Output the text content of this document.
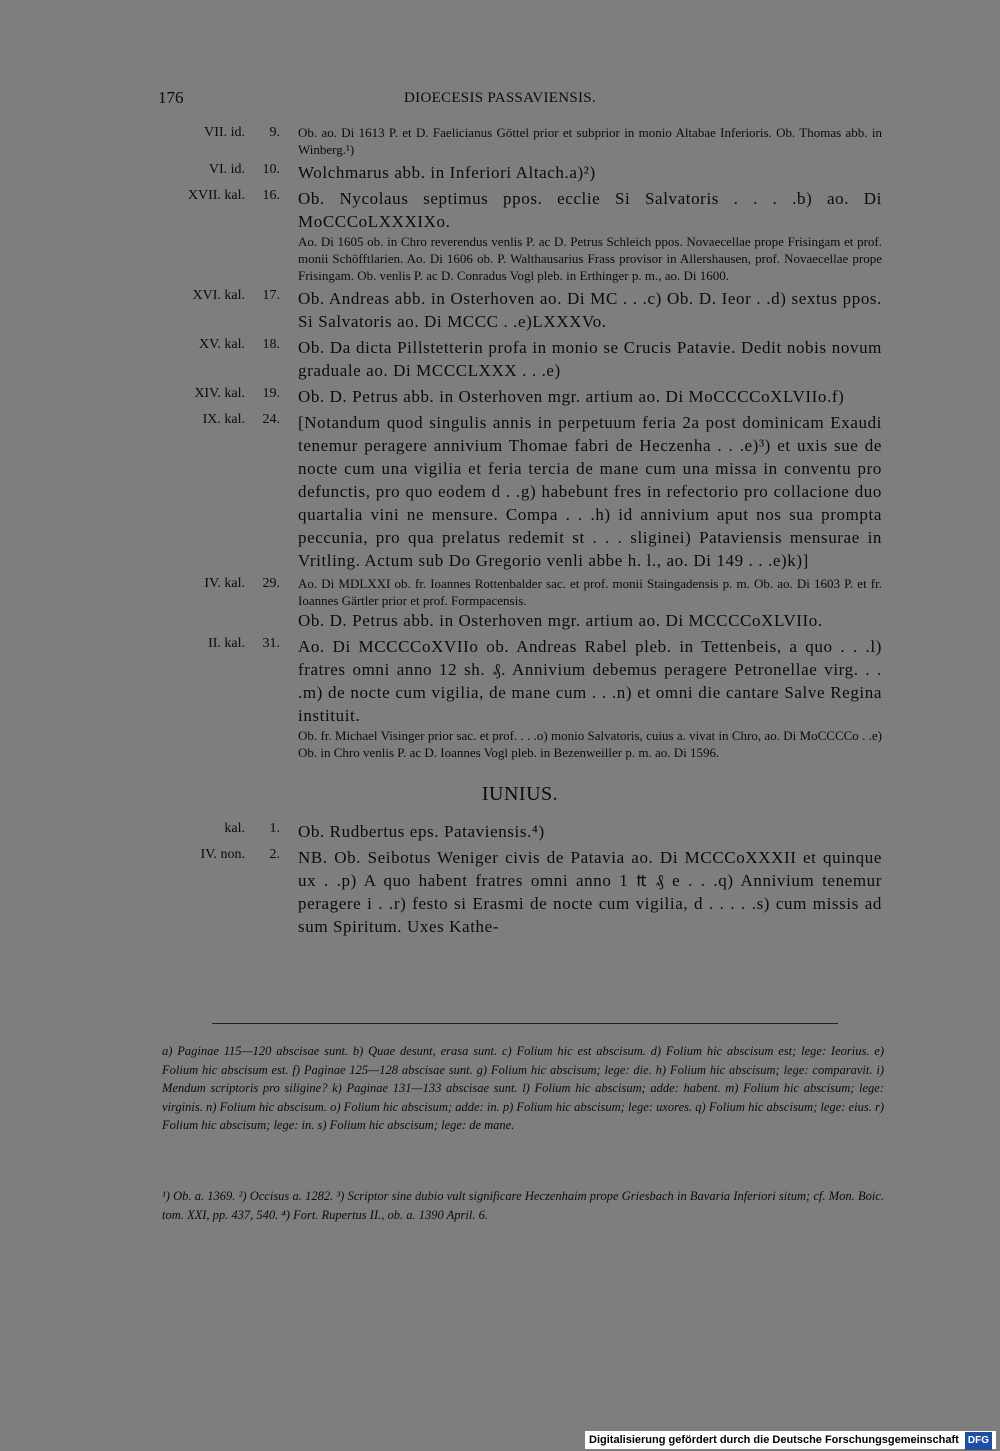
176	DIOECESIS PASSAVIENSIS.
VII. id.	9. Ob. ao. Di 1613 P. et D. Faelicianus Göttel prior et subprior in monio Altabae Inferioris. Ob. Thomas abb. in Winberg.¹)

VI. id.	10. Wolchmarus abb. in Inferiori Altach.a)²)

XVII. kal.	16. Ob. Nycolaus septimus ppos. ecclie Si Salvatoris . . . .b) ao. Di MoCCCoLXXXIXo.

Ao. Di 1605 ob. in Chro reverendus venlis P. ac D. Petrus Schleich ppos. Novaecellae prope Frisingam et prof. monii Schöfftlarien. Ao. Di 1606 ob. P. Walthausarius Frass provisor in Allershausen, prof. Novaecellae prope Frisingam. Ob. venlis P. ac D. Conradus Vogl pleb. in Erthinger p. m., ao. Di 1600.

XVI. kal.	17. Ob. Andreas abb. in Osterhoven ao. Di MC . . .c) Ob. D. Ieor . .d) sextus ppos. Si Salvatoris ao. Di MCCC . .e)LXXXVo.

XV. kal.	18. Ob. Da dicta Pillstetterin profa in monio se Crucis Patavie. Dedit nobis novum graduale ao. Di MCCCLXXX . . .e)

XIV. kal.	19. Ob. D. Petrus abb. in Osterhoven mgr. artium ao. Di MoCCCCoXLVIIo.f)

IX. kal.	24. [Notandum quod singulis annis in perpetuum feria 2a post dominicam Exaudi tenemur peragere annivium Thomae fabri de Heczenha . . .e)³) et uxis sue de nocte cum una vigilia et feria tercia de mane cum una missa in conventu pro defunctis, pro quo eodem d . .g) habebunt fres in refectorio pro collacione duo quartalia vini ne mensure. Compa . . .h) id annivium aput nos sua prompta peccunia, pro qua prelatus redemit st . . . sliginei) Pataviensis mensurae in Vritling. Actum sub Do Gregorio venli abbe h. l., ao. Di 149 . . .e)k)]

IV. kal.	29. Ao. Di MDLXXI ob. fr. Ioannes Rottenbalder sac. et prof. monii Staingadensis p. m. Ob. ao. Di 1603 P. et fr. Ioannes Gärtler prior et prof. Formpacensis.

Ob. D. Petrus abb. in Osterhoven mgr. artium ao. Di MCCCCoXLVIIo.

II. kal.	31. Ao. Di MCCCCoXVIIo ob. Andreas Rabel pleb. in Tettenbeis, a quo . . .l) fratres omni anno 12 sh. ₰. Annivium debemus peragere Petronellae virg. . . .m) de nocte cum vigilia, de mane cum . . .n) et omni die cantare Salve Regina instituit.

Ob. fr. Michael Visinger prior sac. et prof. . . .o) monio Salvatoris, cuius a. vivat in Chro, ao. Di MoCCCCo . .e) Ob. in Chro venlis P. ac D. Ioannes Vogl pleb. in Bezenweiller p. m. ao. Di 1596.

IUNIUS.
kal.	1. Ob. Rudbertus eps. Pataviensis.⁴)

IV. non.	2. NB. Ob. Seibotus Weniger civis de Patavia ao. Di MCCCoXXXII et quinque ux . .p) A quo habent fratres omni anno 1 ₶ ₰ e . . .q) Annivium tenemur peragere i . .r) festo si Erasmi de nocte cum vigilia, d . . . . .s) cum missis ad sum Spiritum. Uxes Kathe-

a) Paginae 115—120 abscisae sunt. b) Quae desunt, erasa sunt. c) Folium hic est abscisum. d) Folium hic abscisum est; lege: Ieorius. e) Folium hic abscisum est. f) Paginae 125—128 abscisae sunt. g) Folium hic abscisum; lege: die. h) Folium hic abscisum; lege: comparavit. i) Mendum scriptoris pro siligine? k) Paginae 131—133 abscisae sunt. l) Folium hic abscisum; adde: habent. m) Folium hic abscisum; lege: virginis. n) Folium hic abscisum. o) Folium hic abscisum; adde: in. p) Folium hic abscisum; lege: uxores. q) Folium hic abscisum; lege: eius. r) Folium hic abscisum; lege: in. s) Folium hic abscisum; lege: de mane.

¹) Ob. a. 1369. ²) Occisus a. 1282. ³) Scriptor sine dubio vult significare Heczenhaim prope Griesbach in Bavaria Inferiori situm; cf. Mon. Boic. tom. XXI, pp. 437, 540. ⁴) Fort. Rupertus II., ob. a. 1390 April. 6.

Digitalisierung gefördert durch die Deutsche Forschungsgemeinschaft DFG
